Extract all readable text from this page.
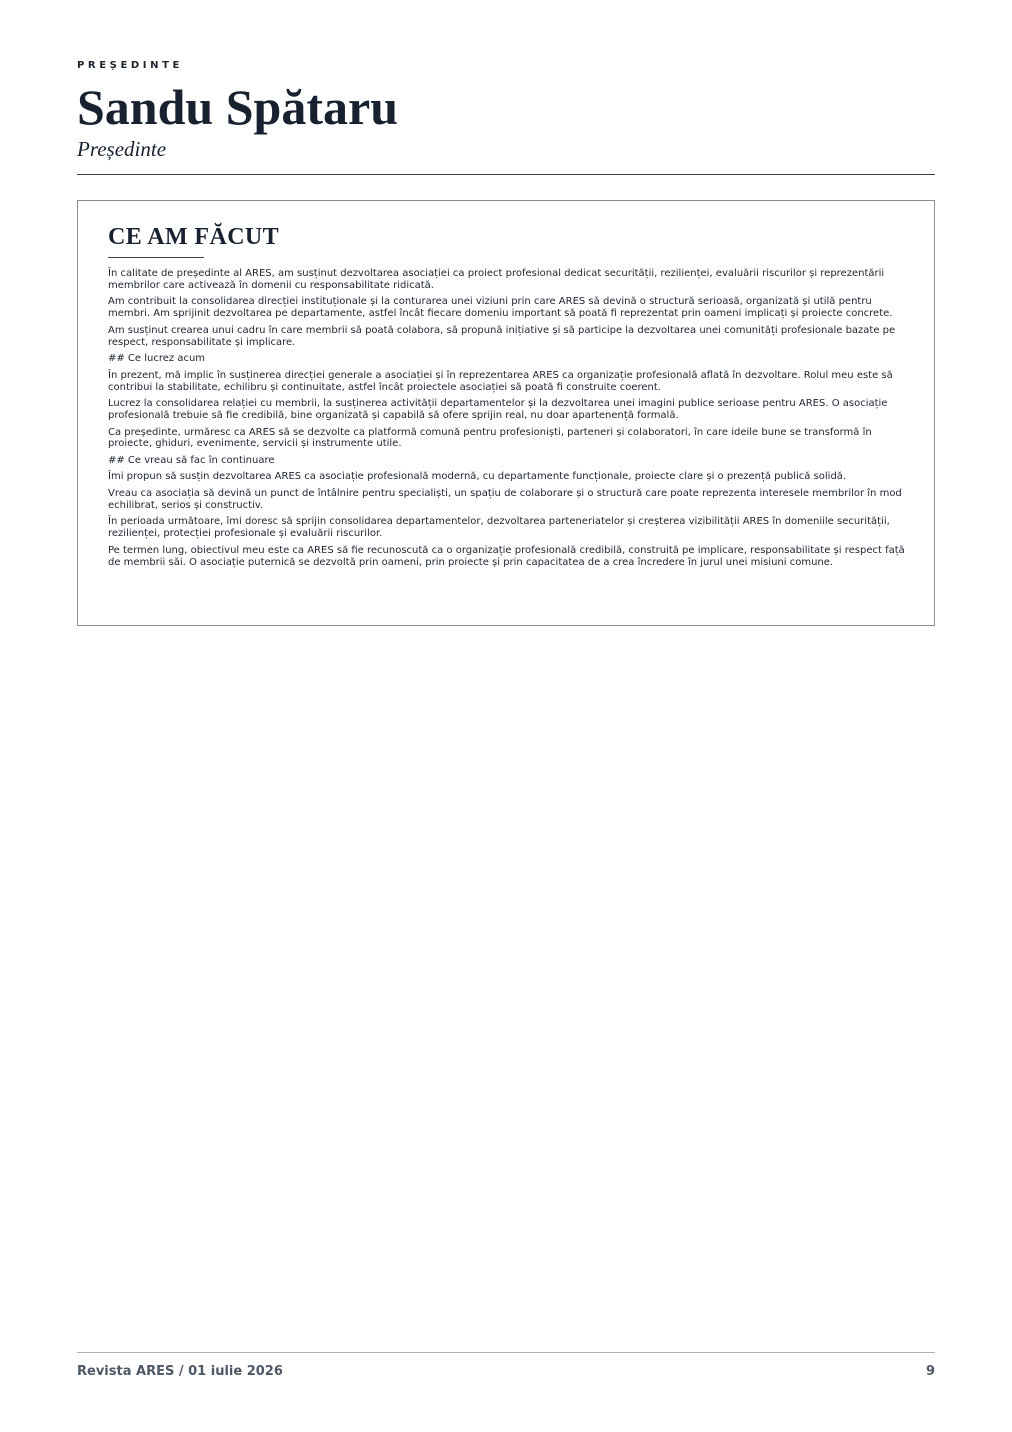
PREȘEDINTE
Sandu Spătaru
Președinte
CE AM FĂCUT

În calitate de președinte al ARES, am susținut dezvoltarea asociației ca proiect profesional dedicat securității, rezilienței, evaluării riscurilor și reprezentării membrilor care activează în domenii cu responsabilitate ridicată.

Am contribuit la consolidarea direcției instituționale și la conturarea unei viziuni prin care ARES să devină o structură serioasă, organizată și utilă pentru membri. Am sprijinit dezvoltarea pe departamente, astfel încât fiecare domeniu important să poată fi reprezentat prin oameni implicați și proiecte concrete.

Am susținut crearea unui cadru în care membrii să poată colabora, să propună inițiative și să participe la dezvoltarea unei comunități profesionale bazate pe respect, responsabilitate și implicare.

## Ce lucrez acum

În prezent, mă implic în susținerea direcției generale a asociației și în reprezentarea ARES ca organizație profesională aflată în dezvoltare. Rolul meu este să contribui la stabilitate, echilibru și continuitate, astfel încât proiectele asociației să poată fi construite coerent.

Lucrez la consolidarea relației cu membrii, la susținerea activității departamentelor și la dezvoltarea unei imagini publice serioase pentru ARES. O asociație profesională trebuie să fie credibilă, bine organizată și capabilă să ofere sprijin real, nu doar apartenență formală.

Ca președinte, urmăresc ca ARES să se dezvolte ca platformă comună pentru profesioniști, parteneri și colaboratori, în care ideile bune se transformă în proiecte, ghiduri, evenimente, servicii și instrumente utile.

## Ce vreau să fac în continuare

Îmi propun să susțin dezvoltarea ARES ca asociație profesională modernă, cu departamente funcționale, proiecte clare și o prezență publică solidă.

Vreau ca asociația să devină un punct de întâlnire pentru specialiști, un spațiu de colaborare și o structură care poate reprezenta interesele membrilor în mod echilibrat, serios și constructiv.

În perioada următoare, îmi doresc să sprijin consolidarea departamentelor, dezvoltarea parteneriatelor și creșterea vizibilității ARES în domeniile securității, rezilienței, protecției profesionale și evaluării riscurilor.

Pe termen lung, obiectivul meu este ca ARES să fie recunoscută ca o organizație profesională credibilă, construită pe implicare, responsabilitate și respect față de membrii săi. O asociație puternică se dezvoltă prin oameni, prin proiecte și prin capacitatea de a crea încredere în jurul unei misiuni comune.

Revista ARES / 01 iulie 2026	9
